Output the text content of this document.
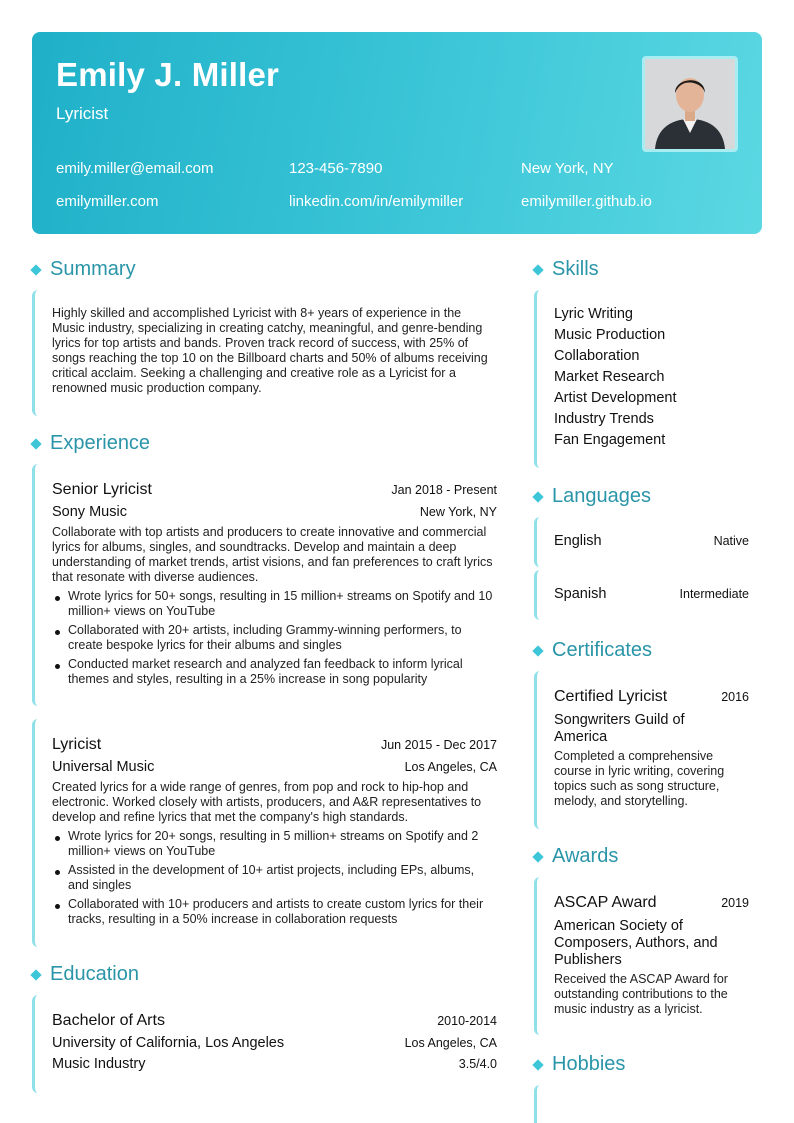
Emily J. Miller
Lyricist
emily.miller@email.com	123-456-7890	New York, NY
emilymiller.com	linkedin.com/in/emilymiller	emilymiller.github.io
Summary
Highly skilled and accomplished Lyricist with 8+ years of experience in the Music industry, specializing in creating catchy, meaningful, and genre-bending lyrics for top artists and bands. Proven track record of success, with 25% of songs reaching the top 10 on the Billboard charts and 50% of albums receiving critical acclaim. Seeking a challenging and creative role as a Lyricist for a renowned music production company.
Experience
Senior Lyricist	Jan 2018 - Present
Sony Music	New York, NY
Collaborate with top artists and producers to create innovative and commercial lyrics for albums, singles, and soundtracks. Develop and maintain a deep understanding of market trends, artist visions, and fan preferences to craft lyrics that resonate with diverse audiences.
Wrote lyrics for 50+ songs, resulting in 15 million+ streams on Spotify and 10 million+ views on YouTube
Collaborated with 20+ artists, including Grammy-winning performers, to create bespoke lyrics for their albums and singles
Conducted market research and analyzed fan feedback to inform lyrical themes and styles, resulting in a 25% increase in song popularity
Lyricist	Jun 2015 - Dec 2017
Universal Music	Los Angeles, CA
Created lyrics for a wide range of genres, from pop and rock to hip-hop and electronic. Worked closely with artists, producers, and A&R representatives to develop and refine lyrics that met the company's high standards.
Wrote lyrics for 20+ songs, resulting in 5 million+ streams on Spotify and 2 million+ views on YouTube
Assisted in the development of 10+ artist projects, including EPs, albums, and singles
Collaborated with 10+ producers and artists to create custom lyrics for their tracks, resulting in a 50% increase in collaboration requests
Education
Bachelor of Arts	2010-2014
University of California, Los Angeles	Los Angeles, CA
Music Industry	3.5/4.0
Skills
Lyric Writing
Music Production
Collaboration
Market Research
Artist Development
Industry Trends
Fan Engagement
Languages
English	Native
Spanish	Intermediate
Certificates
Certified Lyricist	2016
Songwriters Guild of America
Completed a comprehensive course in lyric writing, covering topics such as song structure, melody, and storytelling.
Awards
ASCAP Award	2019
American Society of Composers, Authors, and Publishers
Received the ASCAP Award for outstanding contributions to the music industry as a lyricist.
Hobbies
